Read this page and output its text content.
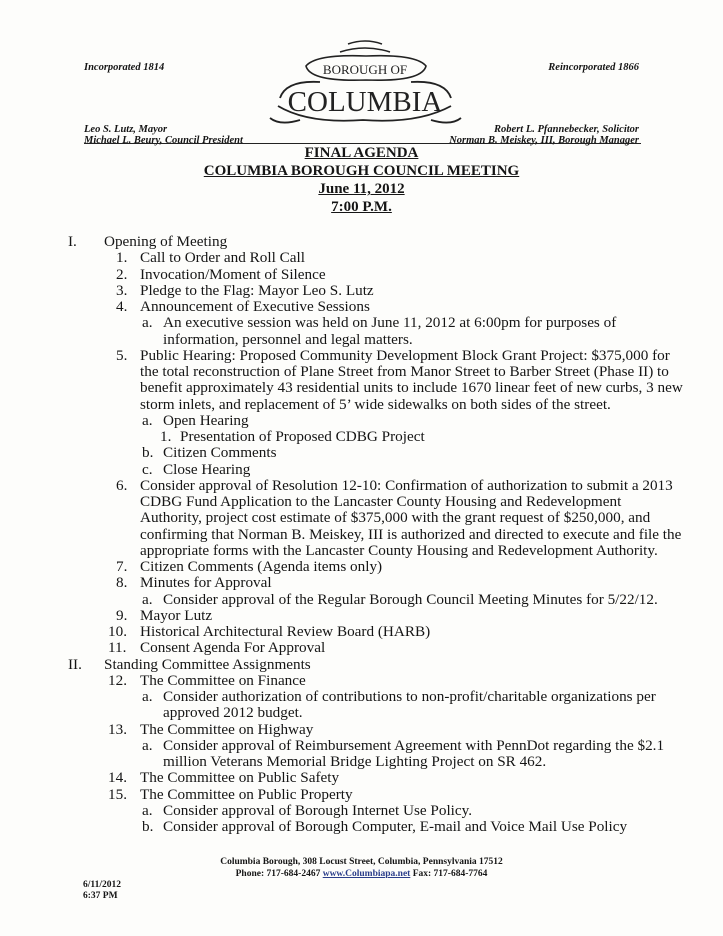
Incorporated 1814	Reincorporated 1866
BOROUGH OF
COLUMBIA
Leo S. Lutz, Mayor
Michael L. Beury, Council President
Robert L. Pfannebecker, Solicitor
Norman B. Meiskey, III, Borough Manager
FINAL AGENDA
COLUMBIA BOROUGH COUNCIL MEETING
June 11, 2012
7:00 P.M.
I. Opening of Meeting
1. Call to Order and Roll Call
2. Invocation/Moment of Silence
3. Pledge to the Flag: Mayor Leo S. Lutz
4. Announcement of Executive Sessions
a. An executive session was held on June 11, 2012 at 6:00pm for purposes of
information, personnel and legal matters.
5. Public Hearing: Proposed Community Development Block Grant Project: $375,000 for
the total reconstruction of Plane Street from Manor Street to Barber Street (Phase II) to
benefit approximately 43 residential units to include 1670 linear feet of new curbs, 3 new
storm inlets, and replacement of 5’ wide sidewalks on both sides of the street.
a. Open Hearing
1. Presentation of Proposed CDBG Project
b. Citizen Comments
c. Close Hearing
6. Consider approval of Resolution 12-10: Confirmation of authorization to submit a 2013
CDBG Fund Application to the Lancaster County Housing and Redevelopment
Authority, project cost estimate of $375,000 with the grant request of $250,000, and
confirming that Norman B. Meiskey, III is authorized and directed to execute and file the
appropriate forms with the Lancaster County Housing and Redevelopment Authority.
7. Citizen Comments (Agenda items only)
8. Minutes for Approval
a. Consider approval of the Regular Borough Council Meeting Minutes for 5/22/12.
9. Mayor Lutz
10. Historical Architectural Review Board (HARB)
11. Consent Agenda For Approval
II. Standing Committee Assignments
12. The Committee on Finance
a. Consider authorization of contributions to non-profit/charitable organizations per
approved 2012 budget.
13. The Committee on Highway
a. Consider approval of Reimbursement Agreement with PennDot regarding the $2.1
million Veterans Memorial Bridge Lighting Project on SR 462.
14. The Committee on Public Safety
15. The Committee on Public Property
a. Consider approval of Borough Internet Use Policy.
b. Consider approval of Borough Computer, E-mail and Voice Mail Use Policy
Columbia Borough, 308 Locust Street, Columbia, Pennsylvania 17512
Phone: 717-684-2467 www.Columbiapa.net Fax: 717-684-7764
6/11/2012
6:37 PM
